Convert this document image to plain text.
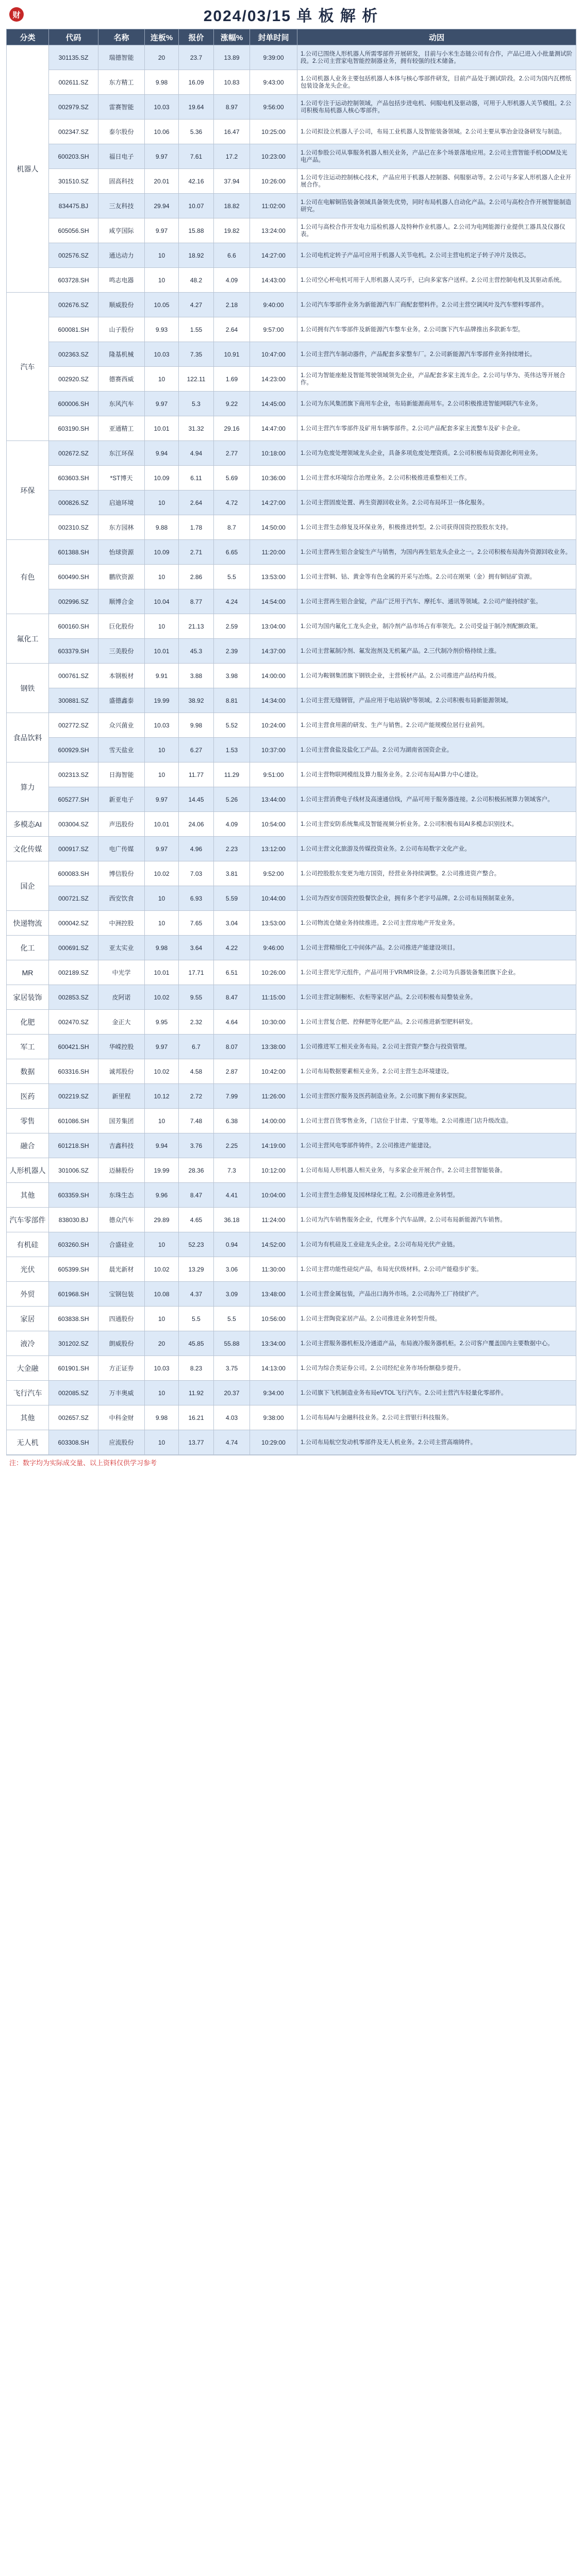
财	2024/03/15 单 板 解 析
分类	代码	名称	连板%	报价	涨幅%	封单时间	动因
机器人	301135.SZ	瑞德智能	20	23.7	13.89	9:39:00	1.公司已围绕人形机器人所需零部件开展研发，目前与小米生态链公司有合作，产品已进入小批量测试阶段。2.公司主营家电智能控制器业务，拥有较强的技术储备。
	002611.SZ	东方精工	9.98	16.09	10.83	9:43:00	1.公司机器人业务主要包括机器人本体与核心零部件研发，目前产品处于测试阶段。2.公司为国内瓦楞纸包装设备龙头企业。
	002979.SZ	雷赛智能	10.03	19.64	8.97	9:56:00	1.公司专注于运动控制领域，产品包括步进电机、伺服电机及驱动器，可用于人形机器人关节模组。2.公司积极布局机器人核心零部件。
	002347.SZ	泰尔股份	10.06	5.36	16.47	10:25:00	1.公司拟设立机器人子公司，布局工业机器人及智能装备领域。2.公司主要从事冶金设备研发与制造。
	600203.SH	福日电子	9.97	7.61	17.2	10:23:00	1.公司参股公司从事服务机器人相关业务，产品已在多个场景落地应用。2.公司主营智能手机ODM及光电产品。
	301510.SZ	固高科技	20.01	42.16	37.94	10:26:00	1.公司专注运动控制核心技术，产品应用于机器人控制器、伺服驱动等。2.公司与多家人形机器人企业开展合作。
	834475.BJ	三友科技	29.94	10.07	18.82	11:02:00	1.公司在电解铜箔装备领域具备领先优势，同时布局机器人自动化产品。2.公司与高校合作开展智能制造研究。
	605056.SH	咸亨国际	9.97	15.88	19.82	13:24:00	1.公司与高校合作开发电力巡检机器人及特种作业机器人。2.公司为电网能源行业提供工器具及仪器仪表。
	002576.SZ	通达动力	10	18.92	6.6	14:27:00	1.公司电机定转子产品可应用于机器人关节电机。2.公司主营电机定子转子冲片及铁芯。
	603728.SH	鸣志电器	10	48.2	4.09	14:43:00	1.公司空心杯电机可用于人形机器人灵巧手，已向多家客户送样。2.公司主营控制电机及其驱动系统。
汽车	002676.SZ	顺威股份	10.05	4.27	2.18	9:40:00	1.公司汽车零部件业务为新能源汽车厂商配套塑料件。2.公司主营空调风叶及汽车塑料零部件。
	600081.SH	山子股份	9.93	1.55	2.64	9:57:00	1.公司拥有汽车零部件及新能源汽车整车业务。2.公司旗下汽车品牌推出多款新车型。
	002363.SZ	隆基机械	10.03	7.35	10.91	10:47:00	1.公司主营汽车制动器件，产品配套多家整车厂。2.公司新能源汽车零部件业务持续增长。
	002920.SZ	德赛西威	10	122.11	1.69	14:23:00	1.公司为智能座舱及智能驾驶领域领先企业，产品配套多家主流车企。2.公司与华为、英伟达等开展合作。
	600006.SH	东风汽车	9.97	5.3	9.22	14:45:00	1.公司为东风集团旗下商用车企业，布局新能源商用车。2.公司积极推进智能网联汽车业务。
	603190.SH	亚通精工	10.01	31.32	29.16	14:47:00	1.公司主营汽车零部件及矿用车辆零部件。2.公司产品配套多家主流整车及矿卡企业。
环保	002672.SZ	东江环保	9.94	4.94	2.77	10:18:00	1.公司为危废处理领域龙头企业，具备多项危废处理资质。2.公司积极布局资源化利用业务。
	603603.SH	*ST博天	10.09	6.11	5.69	10:36:00	1.公司主营水环境综合治理业务。2.公司积极推进重整相关工作。
	000826.SZ	启迪环境	10	2.64	4.72	14:27:00	1.公司主营固废处置、再生资源回收业务。2.公司布局环卫一体化服务。
	002310.SZ	东方园林	9.88	1.78	8.7	14:50:00	1.公司主营生态修复及环保业务，积极推进转型。2.公司获得国资控股股东支持。
有色	601388.SH	怡球资源	10.09	2.71	6.65	11:20:00	1.公司主营再生铝合金锭生产与销售，为国内再生铝龙头企业之一。2.公司积极布局海外资源回收业务。
	600490.SH	鹏欣资源	10	2.86	5.5	13:53:00	1.公司主营铜、钴、黄金等有色金属的开采与冶炼。2.公司在刚果（金）拥有铜钴矿资源。
	002996.SZ	顺博合金	10.04	8.77	4.24	14:54:00	1.公司主营再生铝合金锭，产品广泛用于汽车、摩托车、通讯等领域。2.公司产能持续扩张。
氟化工	600160.SH	巨化股份	10	21.13	2.59	13:04:00	1.公司为国内氟化工龙头企业，制冷剂产品市场占有率领先。2.公司受益于制冷剂配额政策。
	603379.SH	三美股份	10.01	45.3	2.39	14:37:00	1.公司主营氟制冷剂、氟发泡剂及无机氟产品。2.三代制冷剂价格持续上涨。
钢铁	000761.SZ	本钢板材	9.91	3.88	3.98	14:00:00	1.公司为鞍钢集团旗下钢铁企业，主营板材产品。2.公司推进产品结构升级。
	300881.SZ	盛德鑫泰	19.99	38.92	8.81	14:34:00	1.公司主营无缝钢管，产品应用于电站锅炉等领域。2.公司积极布局新能源领域。
食品饮料	002772.SZ	众兴菌业	10.03	9.98	5.52	10:24:00	1.公司主营食用菌的研发、生产与销售。2.公司产能规模位居行业前列。
	600929.SH	雪天盐业	10	6.27	1.53	10:37:00	1.公司主营食盐及盐化工产品。2.公司为湖南省国资企业。
算力	002313.SZ	日海智能	10	11.77	11.29	9:51:00	1.公司主营物联网模组及算力服务业务。2.公司布局AI算力中心建设。
	605277.SH	新亚电子	9.97	14.45	5.26	13:44:00	1.公司主营消费电子线材及高速通信线，产品可用于服务器连接。2.公司积极拓展算力领域客户。
多模态AI	003004.SZ	声迅股份	10.01	24.06	4.09	10:54:00	1.公司主营安防系统集成及智能视频分析业务。2.公司积极布局AI多模态识别技术。
文化传媒	000917.SZ	电广传媒	9.97	4.96	2.23	13:12:00	1.公司主营文化旅游及传媒投资业务。2.公司布局数字文化产业。
国企	600083.SH	博信股份	10.02	7.03	3.81	9:52:00	1.公司控股股东变更为地方国资，经营业务持续调整。2.公司推进资产整合。
	000721.SZ	西安饮食	10	6.93	5.59	10:44:00	1.公司为西安市国资控股餐饮企业，拥有多个老字号品牌。2.公司布局预制菜业务。
快递物流	000042.SZ	中洲控股	10	7.65	3.04	13:53:00	1.公司物流仓储业务持续推进。2.公司主营房地产开发业务。
化工	000691.SZ	亚太实业	9.98	3.64	4.22	9:46:00	1.公司主营精细化工中间体产品。2.公司推进产能建设项目。
MR	002189.SZ	中光学	10.01	17.71	6.51	10:26:00	1.公司主营光学元组件，产品可用于VR/MR设备。2.公司为兵器装备集团旗下企业。
家居装饰	002853.SZ	皮阿诺	10.02	9.55	8.47	11:15:00	1.公司主营定制橱柜、衣柜等家居产品。2.公司积极布局整装业务。
化肥	002470.SZ	金正大	9.95	2.32	4.64	10:30:00	1.公司主营复合肥、控释肥等化肥产品。2.公司推进新型肥料研发。
军工	600421.SH	华嵘控股	9.97	6.7	8.07	13:38:00	1.公司推进军工相关业务布局。2.公司主营资产整合与投资管理。
数据	603316.SH	诚邦股份	10.02	4.58	2.87	10:42:00	1.公司布局数据要素相关业务。2.公司主营生态环境建设。
医药	002219.SZ	新里程	10.12	2.72	7.99	11:26:00	1.公司主营医疗服务及医药制造业务。2.公司旗下拥有多家医院。
零售	601086.SH	国芳集团	10	7.48	6.38	14:00:00	1.公司主营百货零售业务，门店位于甘肃、宁夏等地。2.公司推进门店升级改造。
融合	601218.SH	吉鑫科技	9.94	3.76	2.25	14:19:00	1.公司主营风电零部件铸件。2.公司推进产能建设。
人形机器人	301006.SZ	迈赫股份	19.99	28.36	7.3	10:12:00	1.公司布局人形机器人相关业务，与多家企业开展合作。2.公司主营智能装备。
其他	603359.SH	东珠生态	9.96	8.47	4.41	10:04:00	1.公司主营生态修复及园林绿化工程。2.公司推进业务转型。
汽车零部件	838030.BJ	德众汽车	29.89	4.65	36.18	11:24:00	1.公司为汽车销售服务企业，代理多个汽车品牌。2.公司布局新能源汽车销售。
有机硅	603260.SH	合盛硅业	10	52.23	0.94	14:52:00	1.公司为有机硅及工业硅龙头企业。2.公司布局光伏产业链。
光伏	605399.SH	晨光新材	10.02	13.29	3.06	11:30:00	1.公司主营功能性硅烷产品，布局光伏级材料。2.公司产能稳步扩张。
外贸	601968.SH	宝钢包装	10.08	4.37	3.09	13:48:00	1.公司主营金属包装，产品出口海外市场。2.公司海外工厂持续扩产。
家居	603838.SH	四通股份	10	5.5	5.5	10:56:00	1.公司主营陶瓷家居产品。2.公司推进业务转型升级。
液冷	301202.SZ	朗威股份	20	45.85	55.88	13:34:00	1.公司主营服务器机柜及冷通道产品，布局液冷服务器机柜。2.公司客户覆盖国内主要数据中心。
大金融	601901.SH	方正证券	10.03	8.23	3.75	14:13:00	1.公司为综合类证券公司。2.公司经纪业务市场份额稳步提升。
飞行汽车	002085.SZ	万丰奥威	10	11.92	20.37	9:34:00	1.公司旗下飞机制造业务布局eVTOL飞行汽车。2.公司主营汽车轻量化零部件。
其他	002657.SZ	中科金财	9.98	16.21	4.03	9:38:00	1.公司布局AI与金融科技业务。2.公司主营银行科技服务。
无人机	603308.SH	应流股份	10	13.77	4.74	10:29:00	1.公司布局航空发动机零部件及无人机业务。2.公司主营高端铸件。
注：数字均为实际成交量、以上资料仅供学习参考
